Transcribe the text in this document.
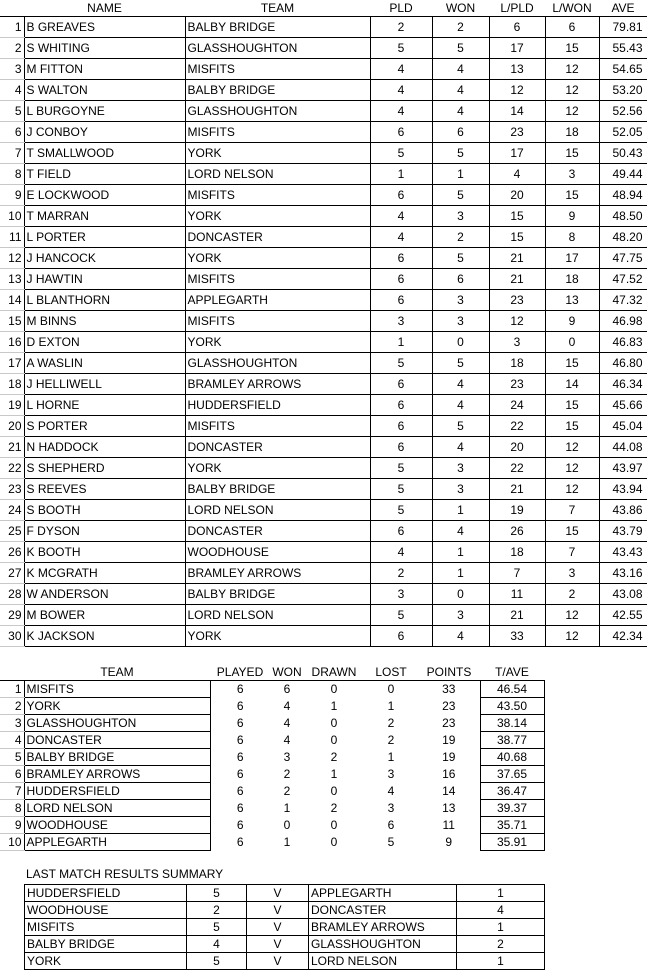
	NAME	TEAM	PLD	WON	L/PLD	L/WON	AVE
1	B GREAVES	BALBY BRIDGE	2	2	6	6	79.81
2	S WHITING	GLASSHOUGHTON	5	5	17	15	55.43
3	M FITTON	MISFITS	4	4	13	12	54.65
4	S WALTON	BALBY BRIDGE	4	4	12	12	53.20
5	L BURGOYNE	GLASSHOUGHTON	4	4	14	12	52.56
6	J CONBOY	MISFITS	6	6	23	18	52.05
7	T SMALLWOOD	YORK	5	5	17	15	50.43
8	T FIELD	LORD NELSON	1	1	4	3	49.44
9	E LOCKWOOD	MISFITS	6	5	20	15	48.94
10	T MARRAN	YORK	4	3	15	9	48.50
11	L PORTER	DONCASTER	4	2	15	8	48.20
12	J HANCOCK	YORK	6	5	21	17	47.75
13	J HAWTIN	MISFITS	6	6	21	18	47.52
14	L BLANTHORN	APPLEGARTH	6	3	23	13	47.32
15	M BINNS	MISFITS	3	3	12	9	46.98
16	D EXTON	YORK	1	0	3	0	46.83
17	A WASLIN	GLASSHOUGHTON	5	5	18	15	46.80
18	J HELLIWELL	BRAMLEY ARROWS	6	4	23	14	46.34
19	L HORNE	HUDDERSFIELD	6	4	24	15	45.66
20	S PORTER	MISFITS	6	5	22	15	45.04
21	N HADDOCK	DONCASTER	6	4	20	12	44.08
22	S SHEPHERD	YORK	5	3	22	12	43.97
23	S REEVES	BALBY BRIDGE	5	3	21	12	43.94
24	S BOOTH	LORD NELSON	5	1	19	7	43.86
25	F DYSON	DONCASTER	6	4	26	15	43.79
26	K BOOTH	WOODHOUSE	4	1	18	7	43.43
27	K MCGRATH	BRAMLEY ARROWS	2	1	7	3	43.16
28	W ANDERSON	BALBY BRIDGE	3	0	11	2	43.08
29	M BOWER	LORD NELSON	5	3	21	12	42.55
30	K JACKSON	YORK	6	4	33	12	42.34
	TEAM	PLAYED	WON	DRAWN	LOST	POINTS	T/AVE
1	MISFITS	6	6	0	0	33	46.54
2	YORK	6	4	1	1	23	43.50
3	GLASSHOUGHTON	6	4	0	2	23	38.14
4	DONCASTER	6	4	0	2	19	38.77
5	BALBY BRIDGE	6	3	2	1	19	40.68
6	BRAMLEY ARROWS	6	2	1	3	16	37.65
7	HUDDERSFIELD	6	2	0	4	14	36.47
8	LORD NELSON	6	1	2	3	13	39.37
9	WOODHOUSE	6	0	0	6	11	35.71
10	APPLEGARTH	6	1	0	5	9	35.91
LAST MATCH RESULTS SUMMARY
HUDDERSFIELD	5	V	APPLEGARTH	1
WOODHOUSE	2	V	DONCASTER	4
MISFITS	5	V	BRAMLEY ARROWS	1
BALBY BRIDGE	4	V	GLASSHOUGHTON	2
YORK	5	V	LORD NELSON	1
